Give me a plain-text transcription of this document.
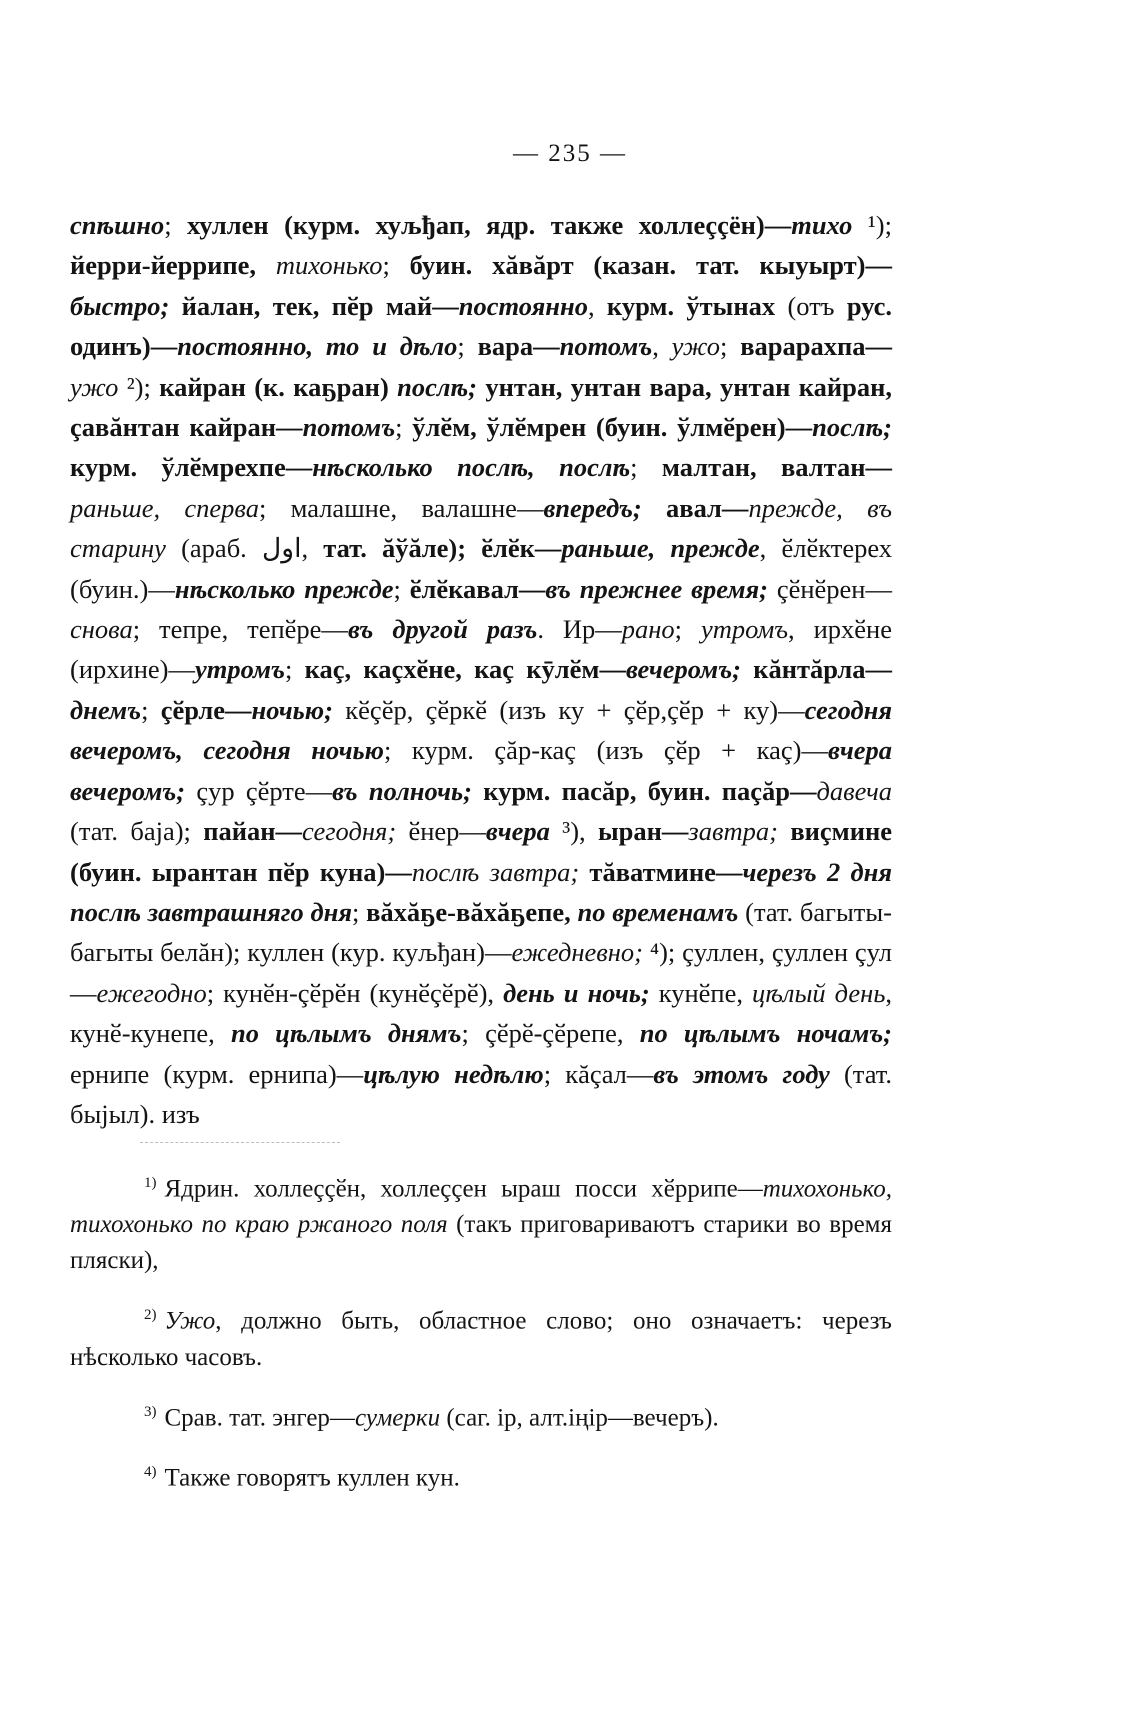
— 235 —

спѣшно; хуллен (курм. хуљђап, ядр. также холлеççён)—тихо ¹); йерри-йеррипе, тихонько; буин. хăвăрт (казан. тат. кыуырт)—быстро; йалан, тек, пӗр май—постоянно, курм. ўтынах (отъ рус. одинъ)—постоянно, то и дѣло; вара—потомъ, ужо; варарахпа—ужо ²); кайран (к. каҕран) послѣ; унтан, унтан вара, унтан кайран, çавăнтан кайран—потомъ; ўлӗм, ўлӗмрен (буин. ўлмӗрен)—послѣ; курм. ўлӗмрехпе—нѣсколько послѣ, послѣ; малтан, валтан—раньше, сперва; малашне, валашне—впередъ; авал—прежде, въ старину (араб. اول, тат. ăўăле); ӗлӗк—раньше, прежде, ӗлӗктерех (буин.)—нѣсколько прежде; ӗлӗкавал—въ прежнее время; çӗнӗрен—снова; тепре, тепӗре—въ другой разъ. Ир—рано; утромъ, ирхӗне (ирхине)—утромъ; каç, каçхӗне, каç кӯлӗм—вечеромъ; кăнтăрла—днемъ; çӗрле—ночью; кӗçӗр, çӗркӗ (изъ ку + çӗр,çӗр + ку)—сегодня вечеромъ, сегодня ночью; курм. çăр-каç (изъ çӗр + каç)—вчера вечеромъ; çур çӗрте—въ полночь; курм. пасăр, буин. паçăр—давеча (тат. баја); пайан—сегодня; ӗнер—вчера ³), ыран—завтра; виçмине (буин. ырантан пӗр куна)—послѣ завтра; тăватмине—черезъ 2 дня послѣ завтрашняго дня; вăхăҕе-вăхăҕепе, по временамъ (тат. багыты-багыты белăн); куллен (кур. куљђан)—ежедневно; ⁴); çуллен, çуллен çул—ежегодно; кунӗн-çӗрӗн (кунӗçӗрӗ), день и ночь; кунӗпе, цѣлый день, кунӗ-кунепе, по цѣлымъ днямъ; çӗрӗ-çӗрепе, по цѣлымъ ночамъ; ернипе (курм. ернипа)—цѣлую недѣлю; кăçал—въ этомъ году (тат. быјыл). изъ

$^{1)}$ Ядрин. холлеççӗн, холлеççен ыраш посси хӗррипе—тихохонько, тихохонько по краю ржаного поля (такъ приговариваютъ старики во время пляски),

$^{2)}$ Ужо, должно быть, областное слово; оно означаетъ: черезъ нѣсколько часовъ.

$^{3)}$ Срав. тат. энгер—сумерки (саг. ір, алт.іңір—вечеръ).

$^{4)}$ Также говорятъ куллен кун.
